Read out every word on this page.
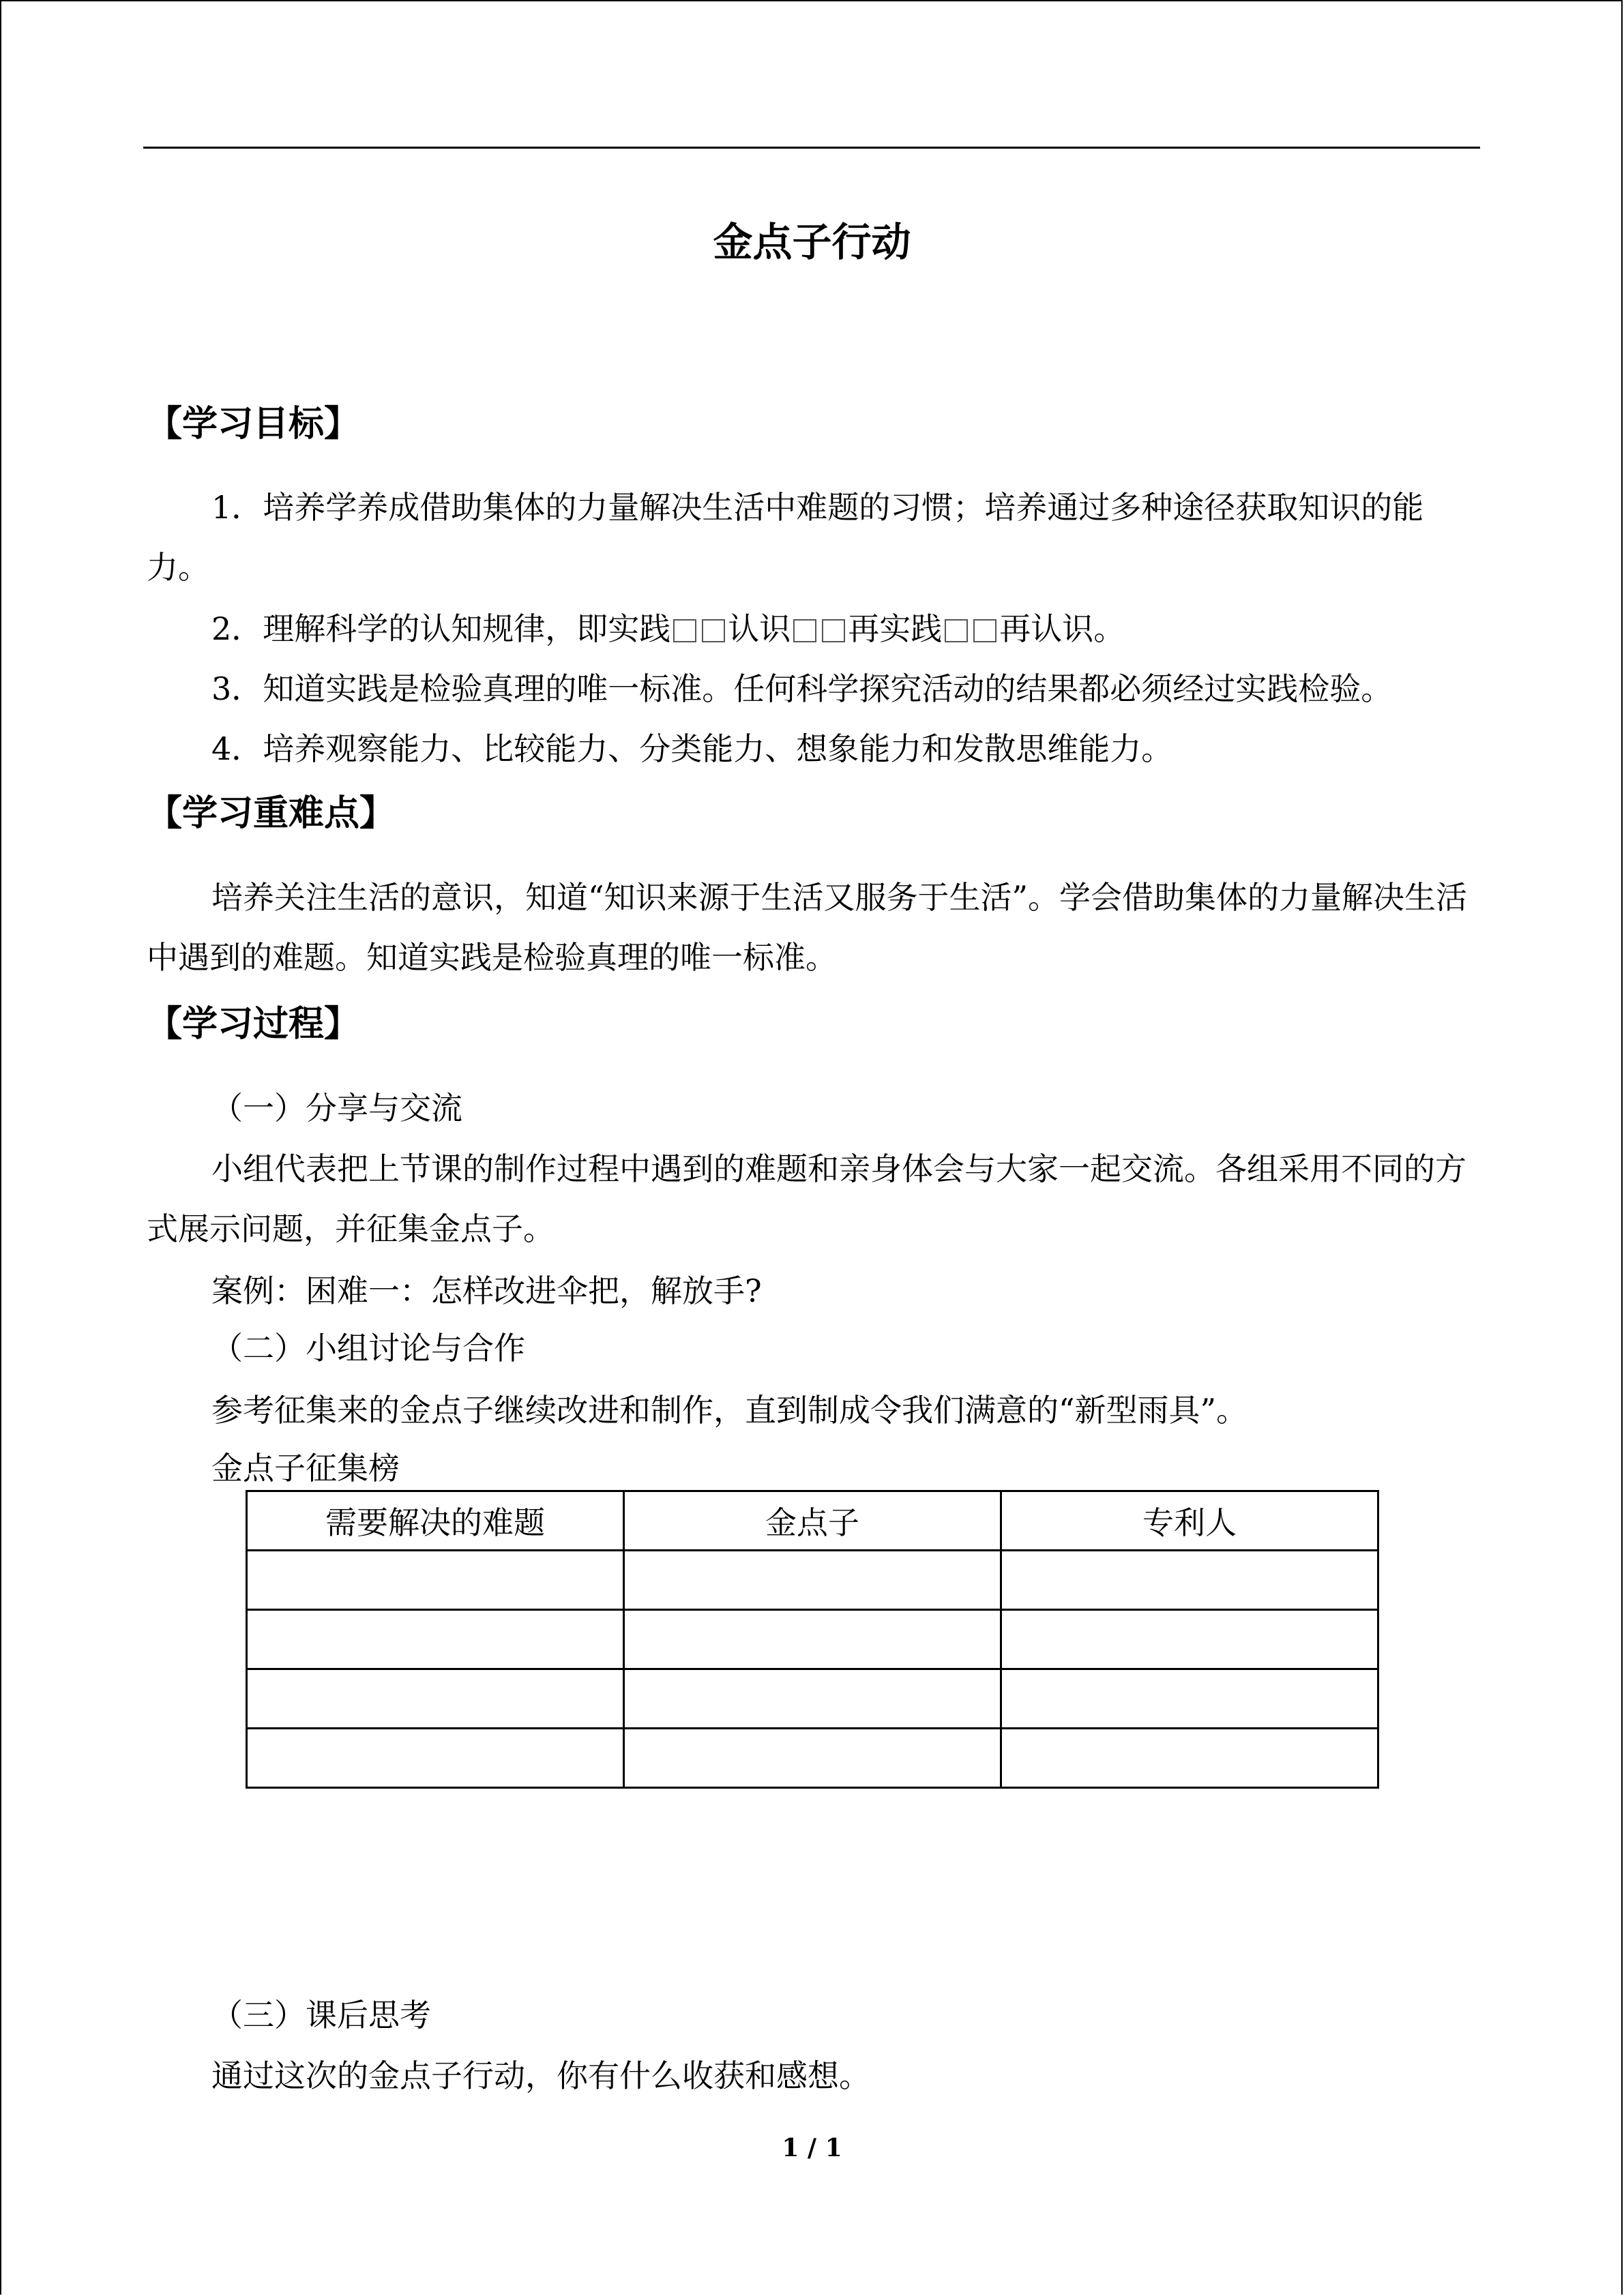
金点子行动
【学习目标】
1．培养学养成借助集体的力量解决生活中难题的习惯；培养通过多种途径获取知识的能力。
2．理解科学的认知规律，即实践 认识 再实践 再认识。
3．知道实践是检验真理的唯一标准。任何科学探究活动的结果都必须经过实践检验。
4．培养观察能力、比较能力、分类能力、想象能力和发散思维能力。
【学习重难点】
培养关注生活的意识，知道“知识来源于生活又服务于生活”。学会借助集体的力量解决生活中遇到的难题。知道实践是检验真理的唯一标准。
【学习过程】
（一）分享与交流
小组代表把上节课的制作过程中遇到的难题和亲身体会与大家一起交流。各组采用不同的方式展示问题，并征集金点子。
案例：困难一：怎样改进伞把，解放手?
（二）小组讨论与合作
参考征集来的金点子继续改进和制作，直到制成令我们满意的“新型雨具”。
金点子征集榜
需要解决的难题	金点子	专利人

（三）课后思考
通过这次的金点子行动，你有什么收获和感想。
1 / 1
